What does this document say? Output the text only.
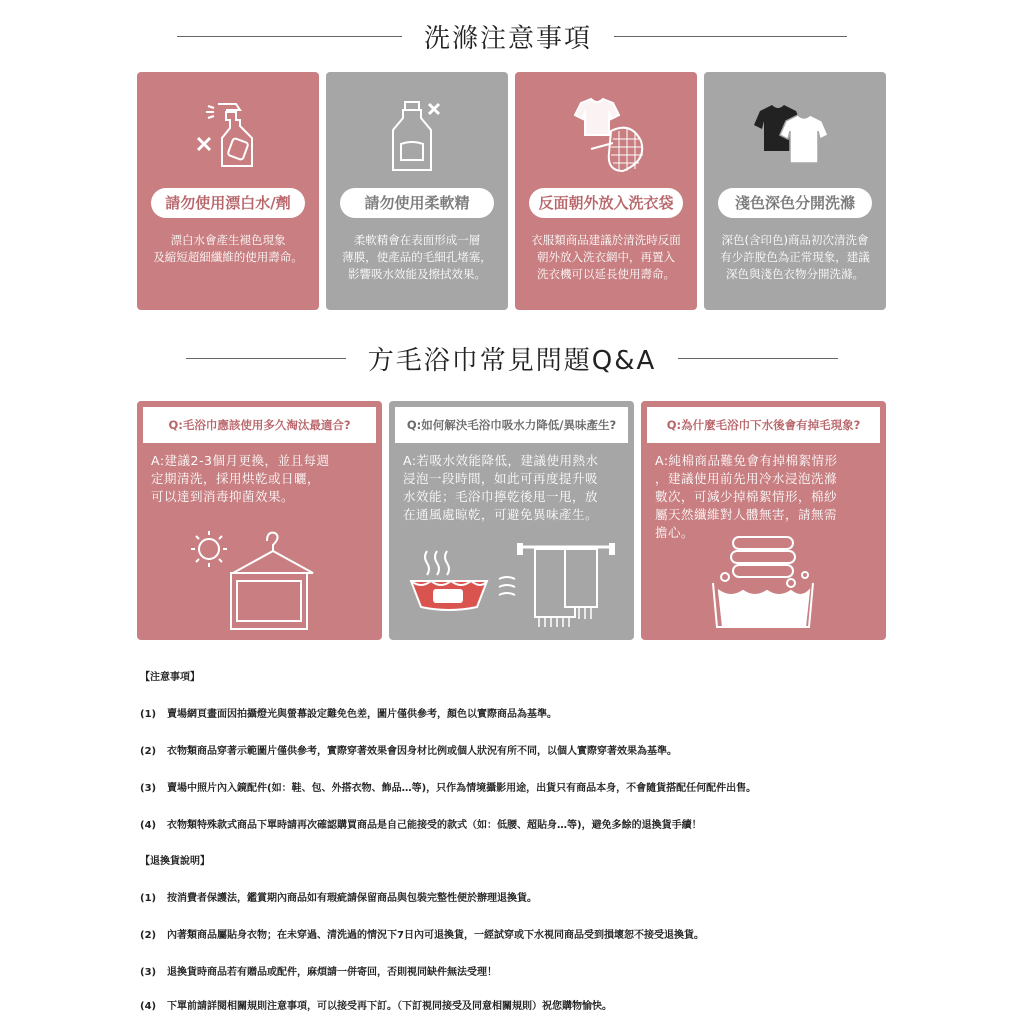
洗滌注意事項
請勿使用漂白水/劑
漂白水會產生褪色現象
及縮短超細纖維的使用壽命。
請勿使用柔軟精
柔軟精會在表面形成一層
薄膜，使產品的毛細孔堵塞，
影響吸水效能及擦拭效果。
反面朝外放入洗衣袋
衣服類商品建議於清洗時反面
朝外放入洗衣網中，再置入
洗衣機可以延長使用壽命。
淺色深色分開洗滌
深色(含印色)商品初次清洗會
有少許脫色為正常現象，建議
深色與淺色衣物分開洗滌。
方毛浴巾常見問題Q&A
Q:毛浴巾應該使用多久淘汰最適合?
A:建議2-3個月更換，並且每週
定期清洗，採用烘乾或日曬，
可以達到消毒抑菌效果。
Q:如何解決毛浴巾吸水力降低/異味產生?
A:若吸水效能降低，建議使用熱水
浸泡一段時間，如此可再度提升吸
水效能；毛浴巾擰乾後甩一甩，放
在通風處晾乾，可避免異味產生。
Q:為什麼毛浴巾下水後會有掉毛現象?
A:純棉商品難免會有掉棉絮情形
，建議使用前先用冷水浸泡洗滌
數次，可減少掉棉絮情形，棉紗
屬天然纖維對人體無害，請無需
擔心。
【注意事項】
(1) 賣場網頁畫面因拍攝燈光與螢幕設定難免色差，圖片僅供參考，顏色以實際商品為基準。
(2) 衣物類商品穿著示範圖片僅供參考，實際穿著效果會因身材比例或個人狀況有所不同，以個人實際穿著效果為基準。
(3) 賣場中照片內入鏡配件(如：鞋、包、外搭衣物、飾品…等)，只作為情境攝影用途，出貨只有商品本身，不會隨貨搭配任何配件出售。
(4) 衣物類特殊款式商品下單時請再次確認購買商品是自己能接受的款式（如：低腰、超貼身…等)，避免多餘的退換貨手續！
【退換貨說明】
(1) 按消費者保護法，鑑賞期內商品如有瑕疵請保留商品與包裝完整性便於辦理退換貨。
(2) 內著類商品屬貼身衣物；在未穿過、清洗過的情況下7日內可退換貨，一經試穿或下水視同商品受到損壞恕不接受退換貨。
(3) 退換貨時商品若有贈品或配件，麻煩請一併寄回，否則視同缺件無法受理！
(4) 下單前請詳閱相關規則注意事項，可以接受再下訂。（下訂視同接受及同意相關規則）祝您購物愉快。
